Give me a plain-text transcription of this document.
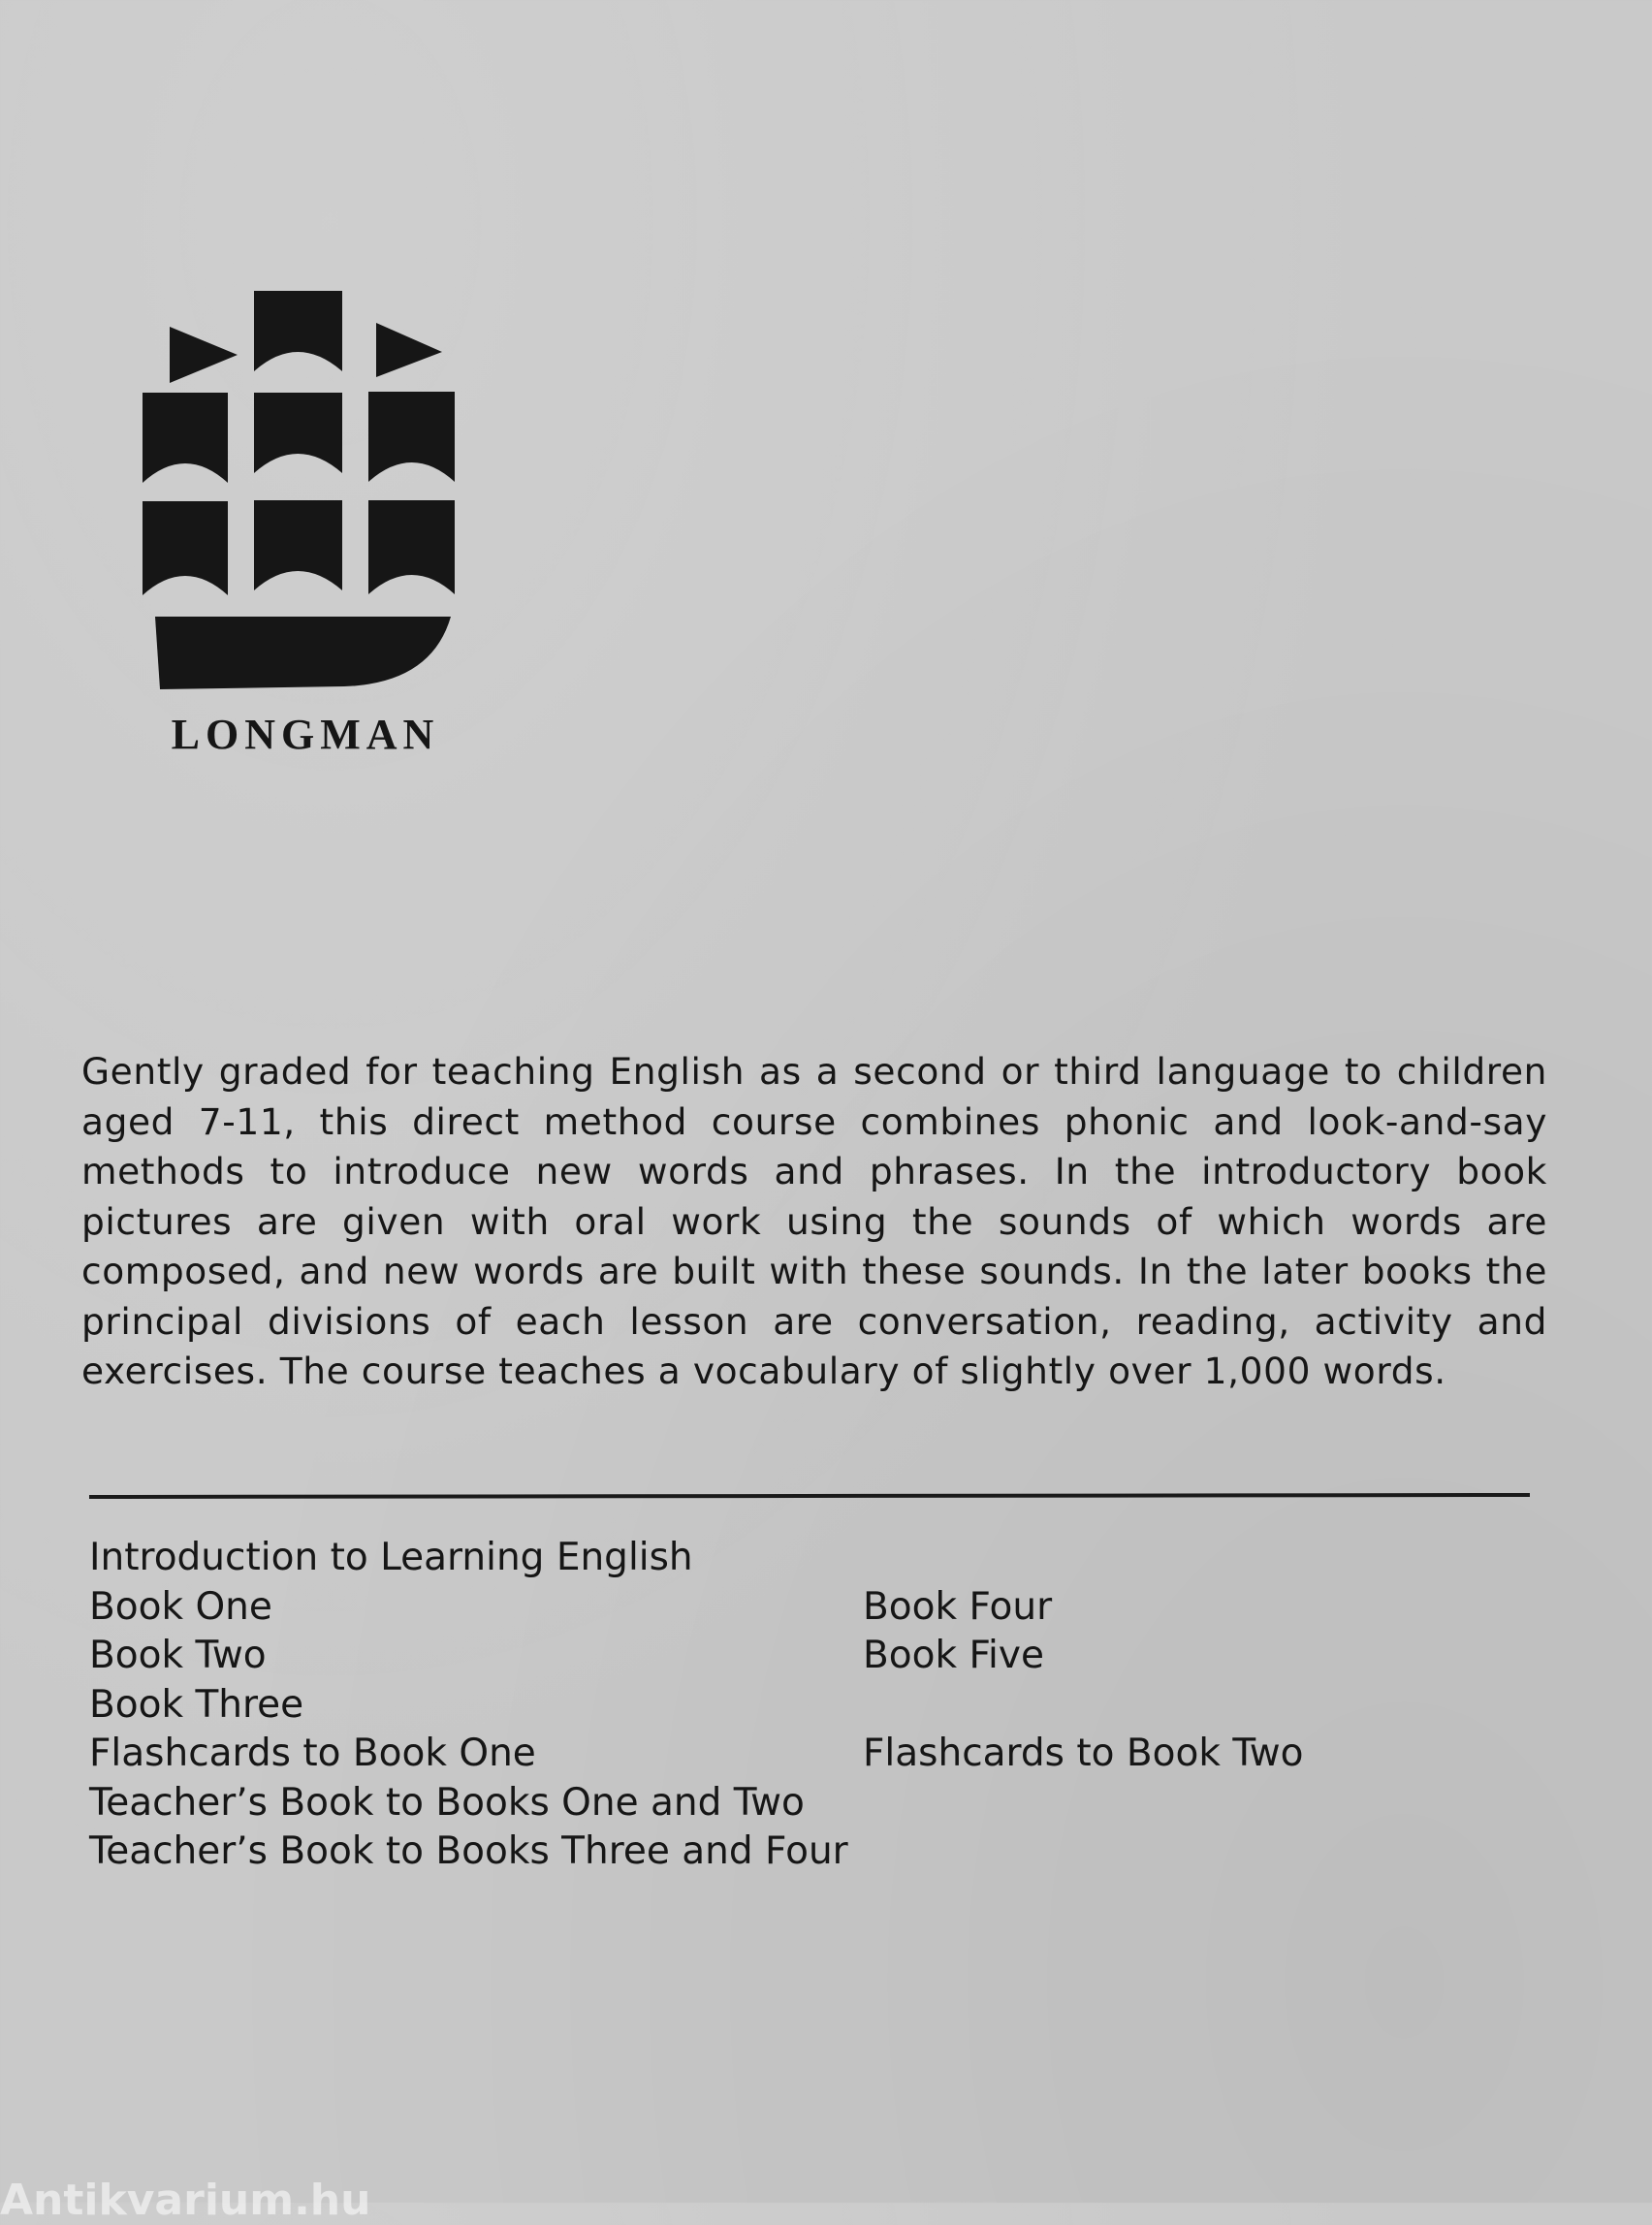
LONGMAN

Gently graded for teaching English as a second or third language to children aged 7-11, this direct method course combines phonic and look-and-say methods to introduce new words and phrases. In the introductory book pictures are given with oral work using the sounds of which words are composed, and new words are built with these sounds. In the later books the principal divisions of each lesson are conversation, reading, activity and exercises. The course teaches a vocabulary of slightly over 1,000 words.

Introduction to Learning English
Book One	Book Four
Book Two	Book Five
Book Three
Flashcards to Book One	Flashcards to Book Two
Teacher’s Book to Books One and Two
Teacher’s Book to Books Three and Four
Antikvarium.hu
